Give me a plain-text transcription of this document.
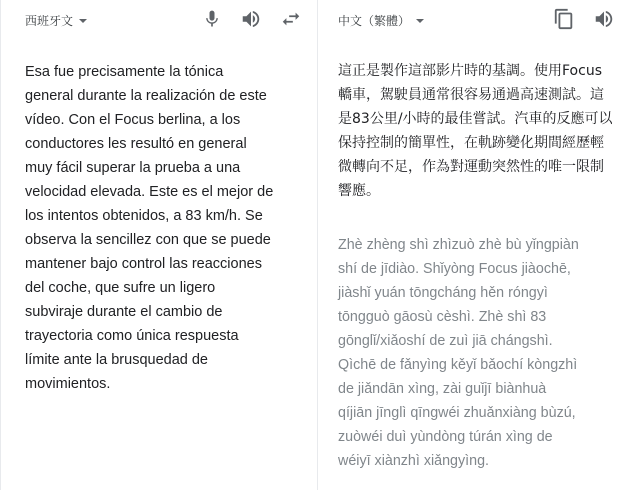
西班牙文
Esa fue precisamente la tónica
general durante la realización de este
vídeo. Con el Focus berlina, a los
conductores les resultó en general
muy fácil superar la prueba a una
velocidad elevada. Este es el mejor de
los intentos obtenidos, a 83 km/h. Se
observa la sencillez con que se puede
mantener bajo control las reacciones
del coche, que sufre un ligero
subviraje durante el cambio de
trayectoria como única respuesta
límite ante la brusquedad de
movimientos.
中文（繁體）
這正是製作這部影片時的基調。使用Focus轎車，駕駛員通常很容易通過高速測試。這是83公里/小時的最佳嘗試。汽車的反應可以保持控制的簡單性，在軌跡變化期間經歷輕微轉向不足，作為對運動突然性的唯一限制響應。
Zhè zhèng shì zhìzuò zhè bù yǐngpiàn
shí de jīdiào. Shǐyòng Focus jiàochē,
jiàshǐ yuán tōngcháng hěn róngyì
tōngguò gāosù cèshì. Zhè shì 83
gōnglǐ/xiǎoshí de zuì jiā chángshì.
Qìchē de fǎnyìng kěyǐ bǎochí kòngzhì
de jiǎndān xìng, zài guǐjī biànhuà
qíjiān jīnglì qīngwéi zhuǎnxiàng bùzú,
zuòwéi duì yùndòng túrán xìng de
wéiyī xiànzhì xiǎngyìng.
